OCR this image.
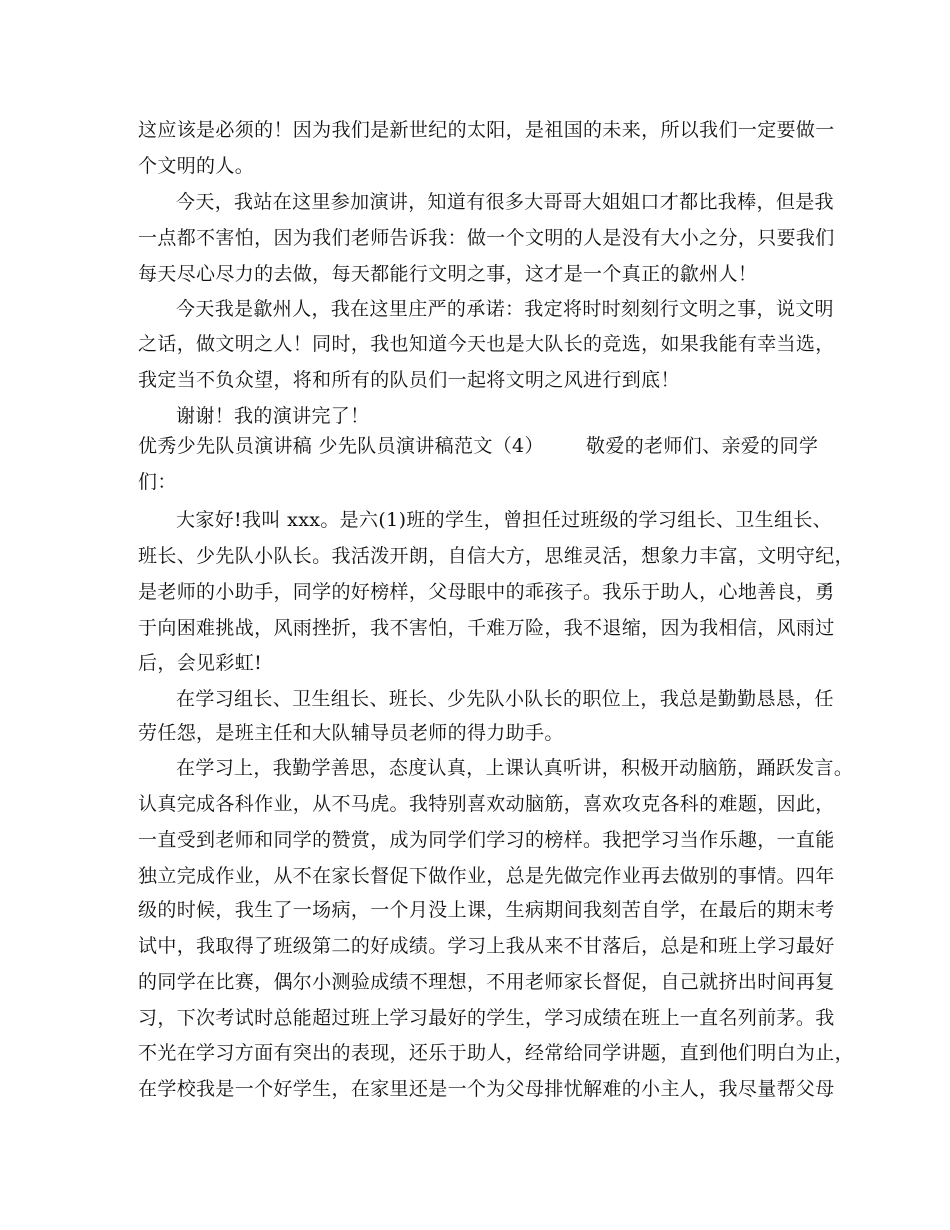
这应该是必须的！因为我们是新世纪的太阳，是祖国的未来，所以我们一定要做一
个文明的人。
今天，我站在这里参加演讲，知道有很多大哥哥大姐姐口才都比我棒，但是我
一点都不害怕，因为我们老师告诉我：做一个文明的人是没有大小之分，只要我们
每天尽心尽力的去做，每天都能行文明之事，这才是一个真正的歙州人！
今天我是歙州人，我在这里庄严的承诺：我定将时时刻刻行文明之事，说文明
之话，做文明之人！同时，我也知道今天也是大队长的竞选，如果我能有幸当选，
我定当不负众望，将和所有的队员们一起将文明之风进行到底！
谢谢！我的演讲完了！
优秀少先队员演讲稿 少先队员演讲稿范文（4） 敬爱的老师们、亲爱的同学
们：
大家好!我叫 xxx。是六(1)班的学生，曾担任过班级的学习组长、卫生组长、
班长、少先队小队长。我活泼开朗，自信大方，思维灵活，想象力丰富，文明守纪，
是老师的小助手，同学的好榜样，父母眼中的乖孩子。我乐于助人，心地善良，勇
于向困难挑战，风雨挫折，我不害怕，千难万险，我不退缩，因为我相信，风雨过
后，会见彩虹!
在学习组长、卫生组长、班长、少先队小队长的职位上，我总是勤勤恳恳，任
劳任怨，是班主任和大队辅导员老师的得力助手。
在学习上，我勤学善思，态度认真，上课认真听讲，积极开动脑筋，踊跃发言。
认真完成各科作业，从不马虎。我特别喜欢动脑筋，喜欢攻克各科的难题，因此，
一直受到老师和同学的赞赏，成为同学们学习的榜样。我把学习当作乐趣，一直能
独立完成作业，从不在家长督促下做作业，总是先做完作业再去做别的事情。四年
级的时候，我生了一场病，一个月没上课，生病期间我刻苦自学，在最后的期末考
试中，我取得了班级第二的好成绩。学习上我从来不甘落后，总是和班上学习最好
的同学在比赛，偶尔小测验成绩不理想，不用老师家长督促，自己就挤出时间再复
习，下次考试时总能超过班上学习最好的学生，学习成绩在班上一直名列前茅。我
不光在学习方面有突出的表现，还乐于助人，经常给同学讲题，直到他们明白为止，
在学校我是一个好学生，在家里还是一个为父母排忧解难的小主人，我尽量帮父母
